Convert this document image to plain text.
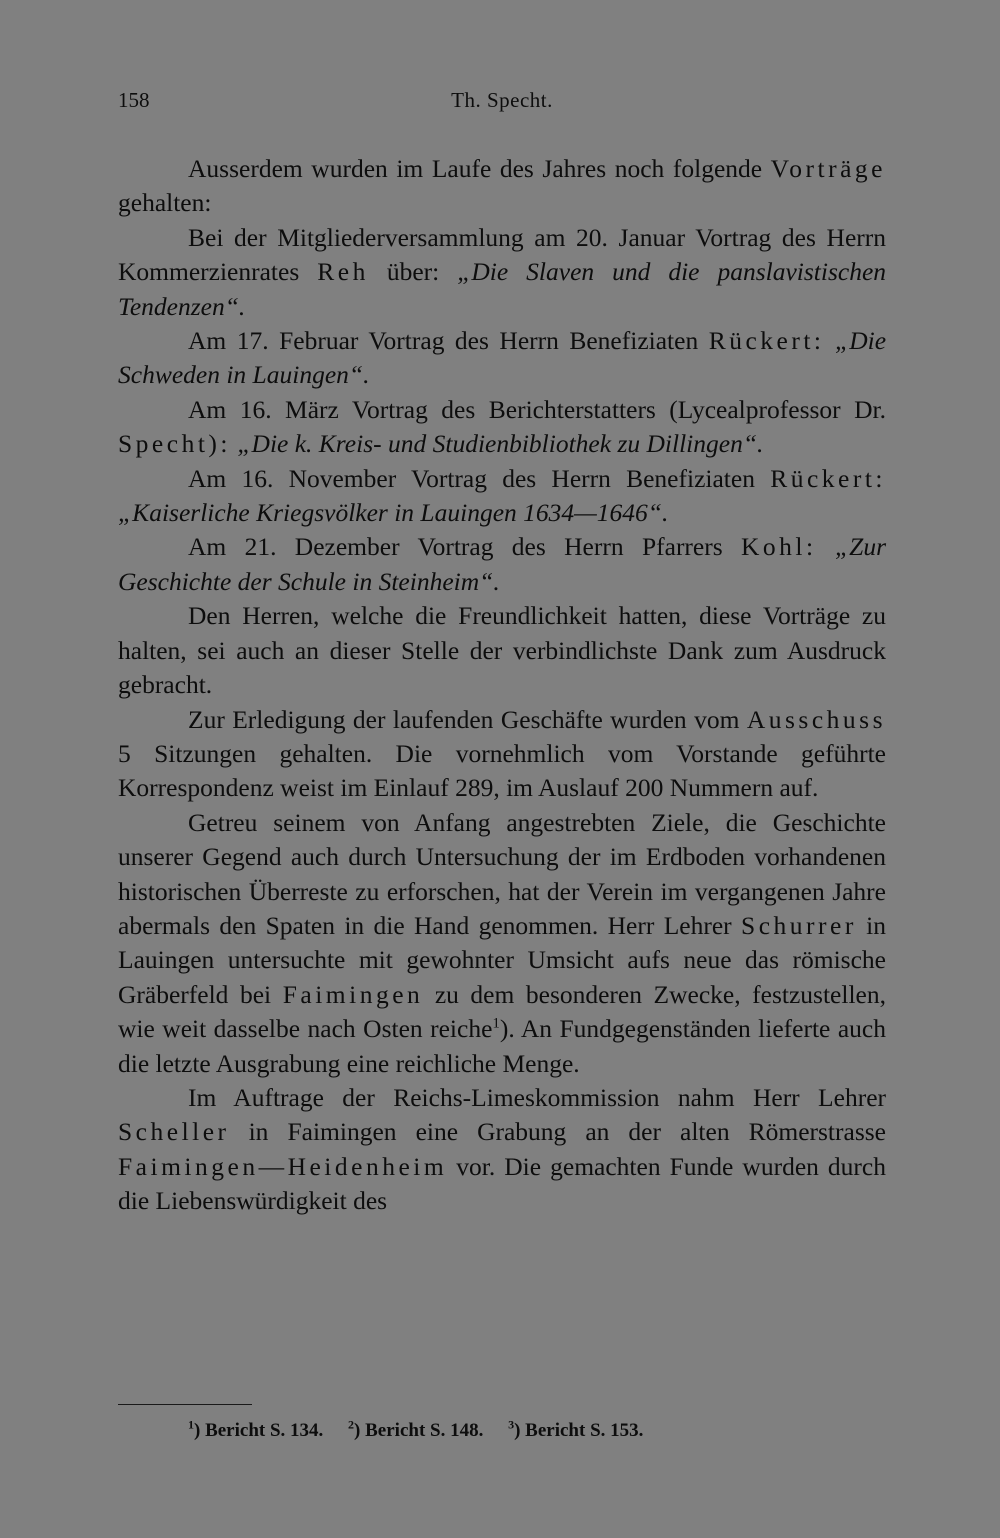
158	Th. Specht.

Ausserdem wurden im Laufe des Jahres noch folgende Vorträge gehalten:

Bei der Mitgliederversammlung am 20. Januar Vortrag des Herrn Kommerzienrates Reh über: „Die Slaven und die panslavistischen Tendenzen“.

Am 17. Februar Vortrag des Herrn Benefiziaten Rückert: „Die Schweden in Lauingen“.

Am 16. März Vortrag des Berichterstatters (Lycealprofessor Dr. Specht): „Die k. Kreis- und Studienbibliothek zu Dillingen“.

Am 16. November Vortrag des Herrn Benefiziaten Rückert: „Kaiserliche Kriegsvölker in Lauingen 1634—1646“.

Am 21. Dezember Vortrag des Herrn Pfarrers Kohl: „Zur Geschichte der Schule in Steinheim“.

Den Herren, welche die Freundlichkeit hatten, diese Vorträge zu halten, sei auch an dieser Stelle der verbindlichste Dank zum Ausdruck gebracht.

Zur Erledigung der laufenden Geschäfte wurden vom Ausschuss 5 Sitzungen gehalten. Die vornehmlich vom Vorstande geführte Korrespondenz weist im Einlauf 289, im Auslauf 200 Nummern auf.

Getreu seinem von Anfang angestrebten Ziele, die Geschichte unserer Gegend auch durch Untersuchung der im Erdboden vorhandenen historischen Überreste zu erforschen, hat der Verein im vergangenen Jahre abermals den Spaten in die Hand genommen. Herr Lehrer Schurrer in Lauingen untersuchte mit gewohnter Umsicht aufs neue das römische Gräberfeld bei Faimingen zu dem besonderen Zwecke, festzustellen, wie weit dasselbe nach Osten reiche$^1$). An Fundgegenständen lieferte auch die letzte Ausgrabung eine reichliche Menge.

Im Auftrage der Reichs-Limeskommission nahm Herr Lehrer Scheller in Faimingen eine Grabung an der alten Römerstrasse Faimingen—Heidenheim vor. Die gemachten Funde wurden durch die Liebenswürdigkeit des

$^1$) Bericht S. 134. $^2$) Bericht S. 148. $^3$) Bericht S. 153.
